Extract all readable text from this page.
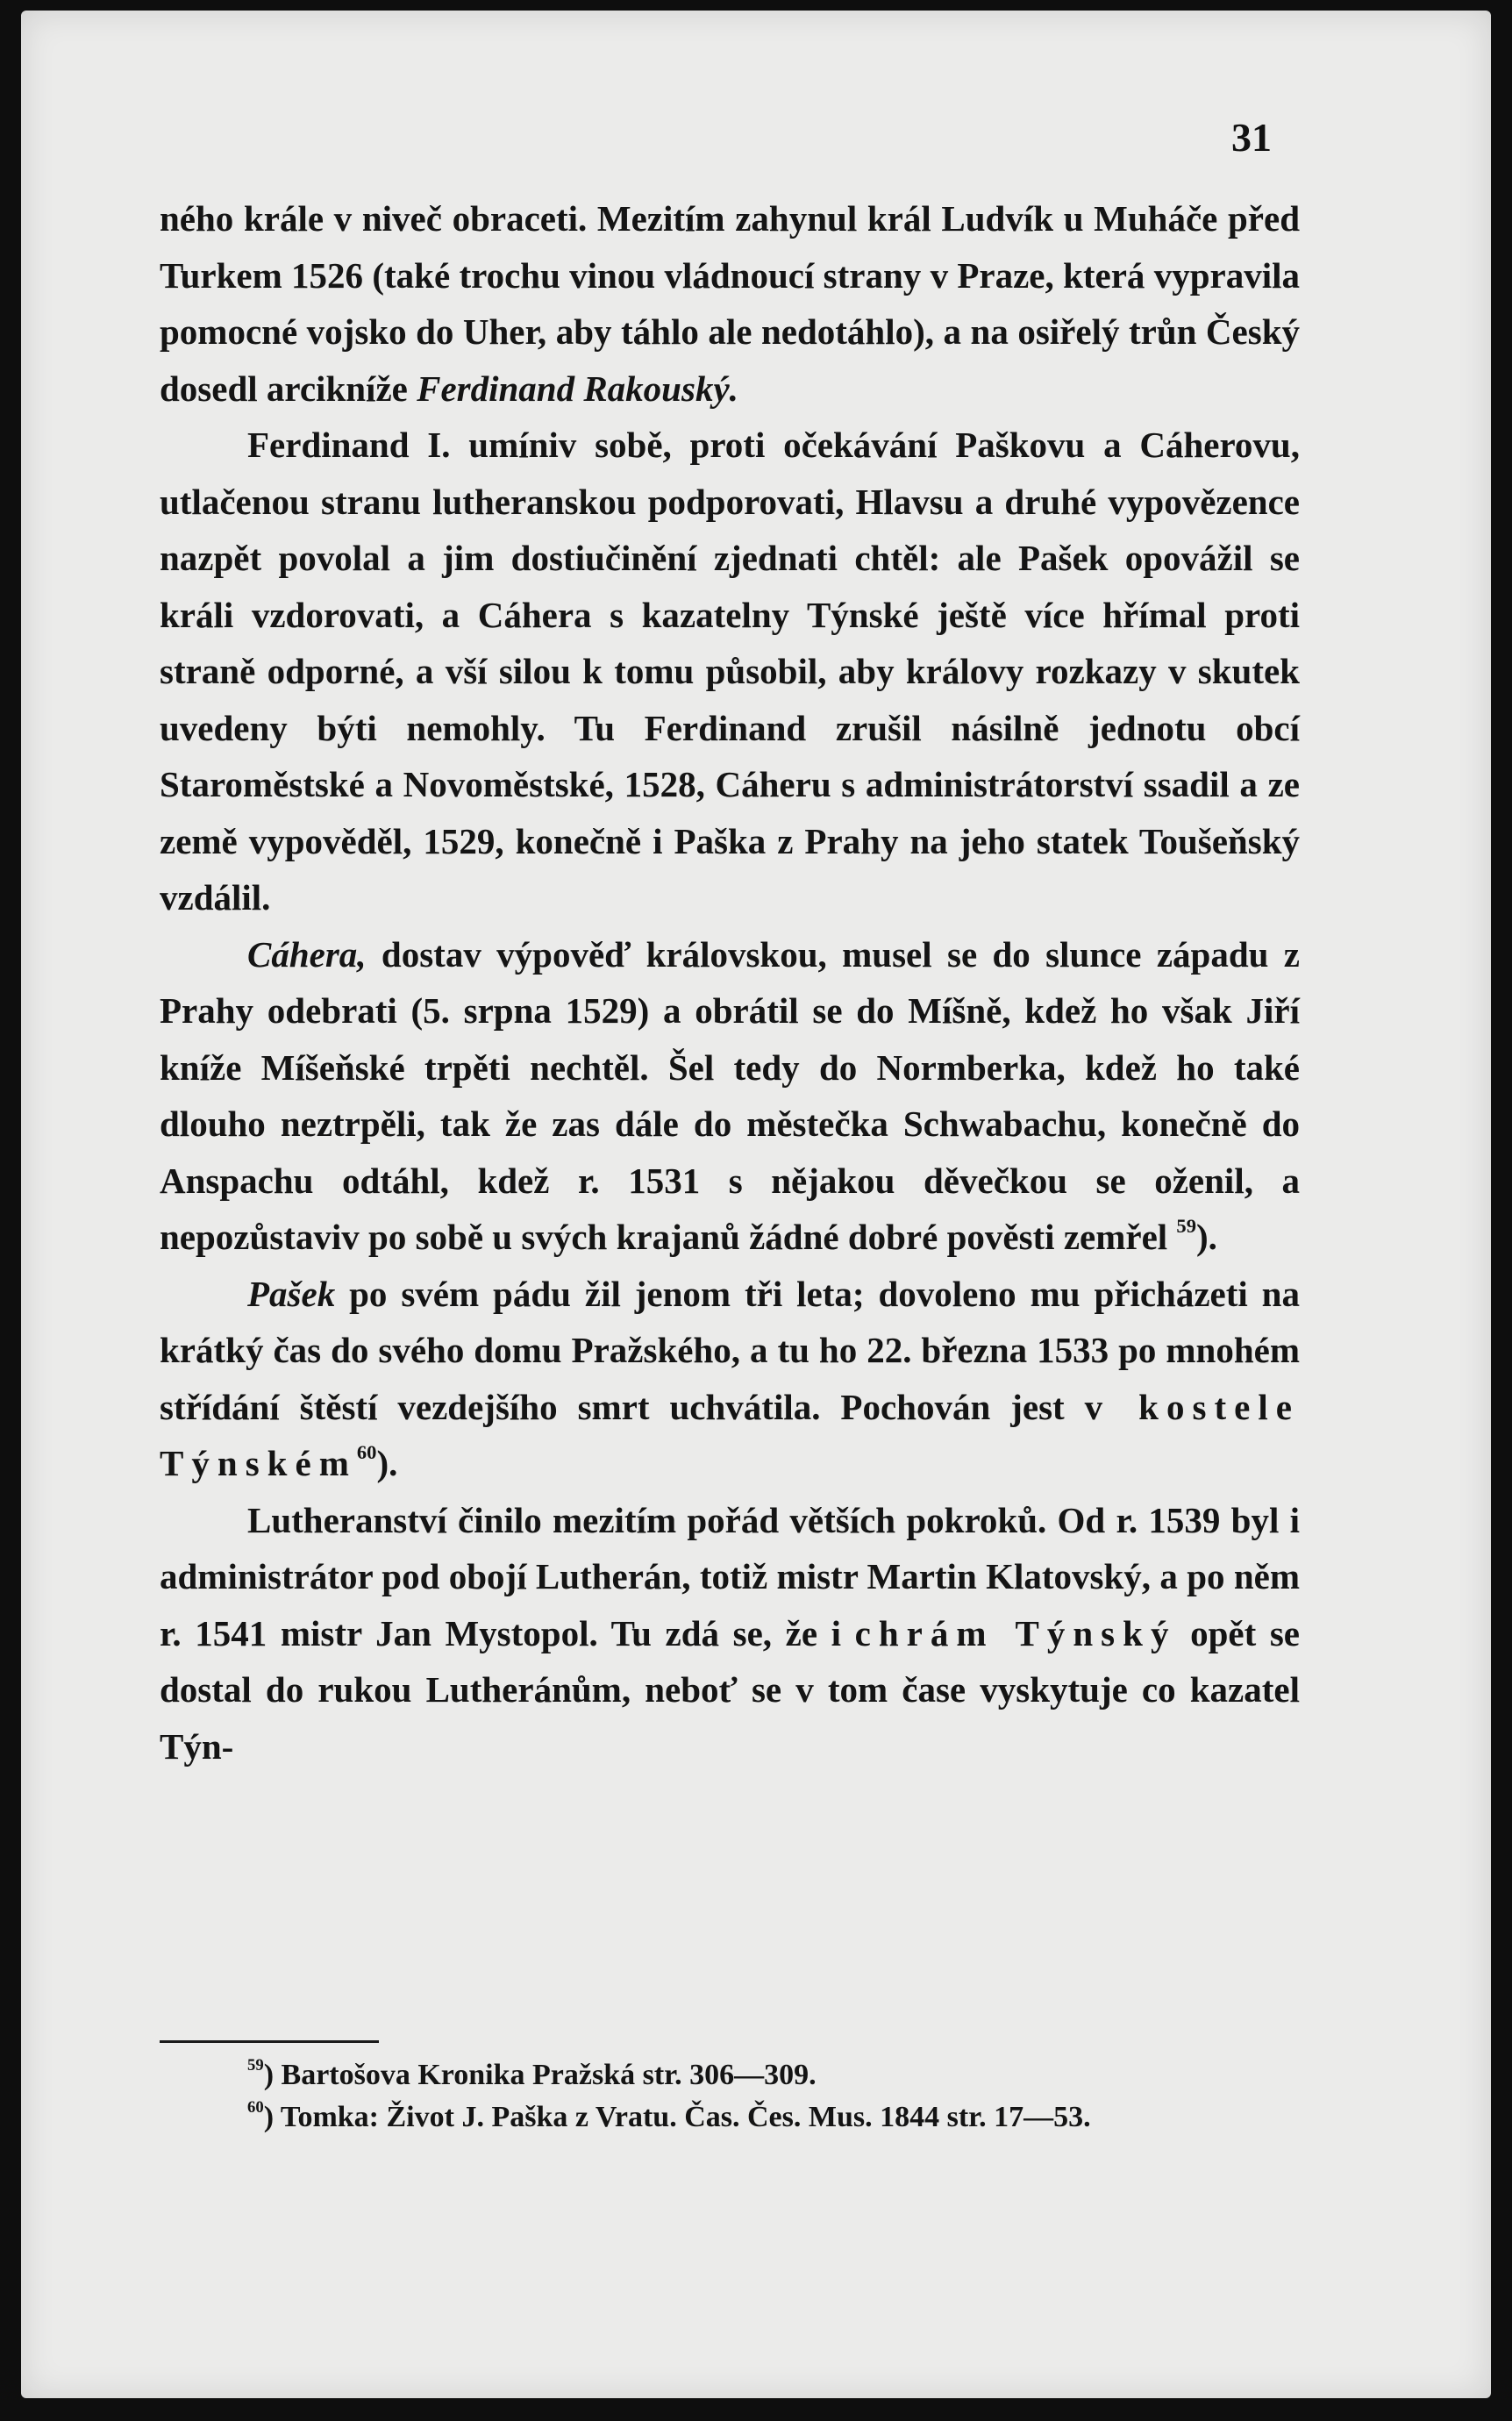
31

ného krále v niveč obraceti. Mezitím zahynul král Ludvík u Muháče před Turkem 1526 (také trochu vinou vládnoucí strany v Praze, která vypravila pomocné vojsko do Uher, aby táhlo ale nedotáhlo), a na osiřelý trůn Český dosedl arcikníže Ferdinand Rakouský.

Ferdinand I. umíniv sobě, proti očekávání Paškovu a Cáherovu, utlačenou stranu lutheranskou podporovati, Hlavsu a druhé vypovězence nazpět povolal a jim dostiučinění zjednati chtěl: ale Pašek opovážil se králi vzdorovati, a Cáhera s kazatelny Týnské ještě více hřímal proti straně odporné, a vší silou k tomu působil, aby královy rozkazy v skutek uvedeny býti nemohly. Tu Ferdinand zrušil násilně jednotu obcí Staroměstské a Novoměstské, 1528, Cáheru s administrátorství ssadil a ze země vypověděl, 1529, konečně i Paška z Prahy na jeho statek Toušeňský vzdálil.

Cáhera, dostav výpověď královskou, musel se do slunce západu z Prahy odebrati (5. srpna 1529) a obrátil se do Míšně, kdež ho však Jiří kníže Míšeňské trpěti nechtěl. Šel tedy do Normberka, kdež ho také dlouho neztrpěli, tak že zas dále do městečka Schwabachu, konečně do Anspachu odtáhl, kdež r. 1531 s nějakou děvečkou se oženil, a nepozůstaviv po sobě u svých krajanů žádné dobré pověsti zemřel $^{59}$).

Pašek po svém pádu žil jenom tři leta; dovoleno mu přicházeti na krátký čas do svého domu Pražského, a tu ho 22. března 1533 po mnohém střídání štěstí vezdejšího smrt uchvátila. Pochován jest v kostele Týnském$^{60}$).

Lutheranství činilo mezitím pořád větších pokroků. Od r. 1539 byl i administrátor pod obojí Lutherán, totiž mistr Martin Klatovský, a po něm r. 1541 mistr Jan Mystopol. Tu zdá se, že i chrám Týnský opět se dostal do rukou Lutheránům, neboť se v tom čase vyskytuje co kazatel Týn-

$^{59}$) Bartošova Kronika Pražská str. 306—309.

$^{60}$) Tomka: Život J. Paška z Vratu. Čas. Čes. Mus. 1844 str. 17—53.
